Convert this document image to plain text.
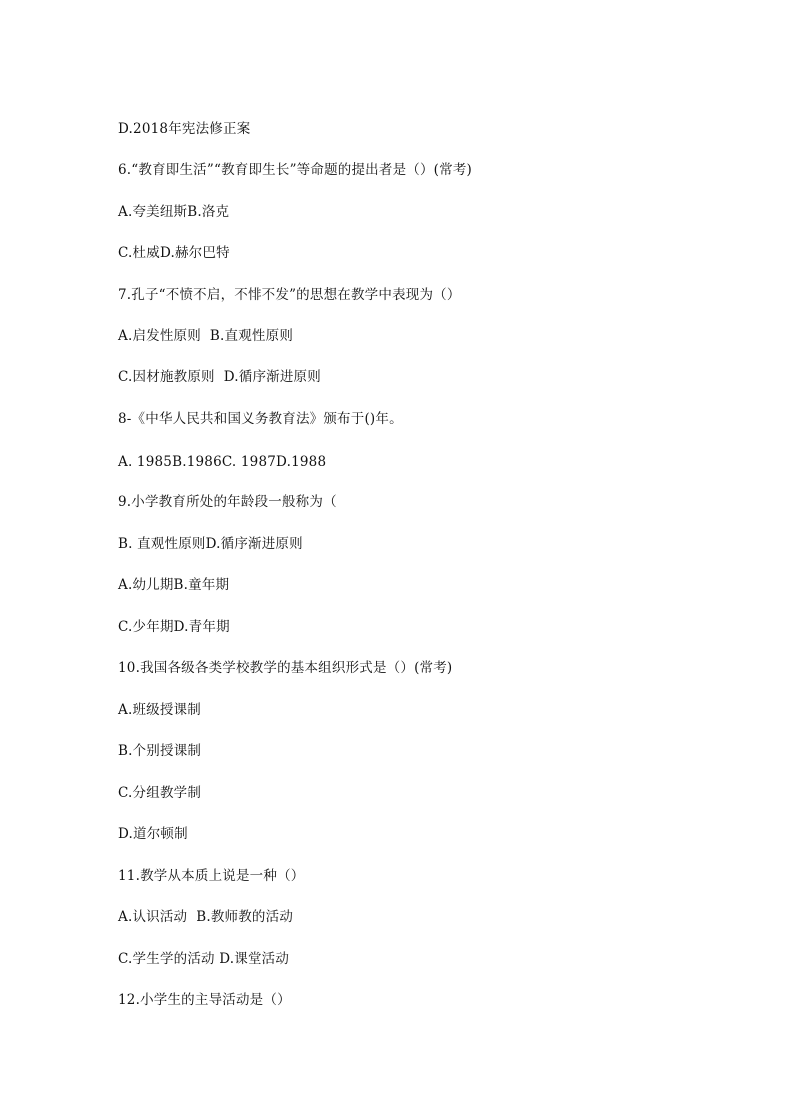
D.2018年宪法修正案
6.“教育即生活”“教育即生长”等命题的提出者是（）(常考)
A.夸美纽斯B.洛克
C.杜威D.赫尔巴特
7.孔子“不愤不启，不悱不发”的思想在教学中表现为（）
A.启发性原则  B.直观性原则
C.因材施教原则  D.循序渐进原则
8-《中华人民共和国义务教育法》颁布于()年。
A. 1985B.1986C. 1987D.1988
9.小学教育所处的年龄段一般称为（
B. 直观性原则D.循序渐进原则
A.幼儿期B.童年期
C.少年期D.青年期
10.我国各级各类学校教学的基本组织形式是（）(常考)
A.班级授课制
B.个别授课制
C.分组教学制
D.道尔顿制
11.教学从本质上说是一种（）
A.认识活动  B.教师教的活动
C.学生学的活动 D.课堂活动
12.小学生的主导活动是（）
